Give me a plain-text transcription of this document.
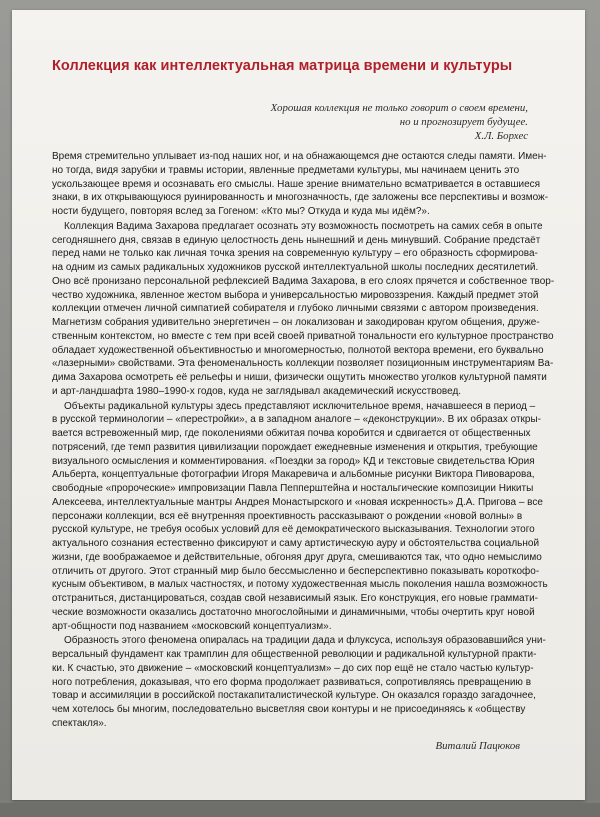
Коллекция как интеллектуальная матрица времени и культуры
Хорошая коллекция не только говорит о своем времени,
но и прогнозирует будущее.
Х.Л. Борхес
Время стремительно уплывает из-под наших ног, и на обнажающемся дне остаются следы памяти. Имен-
но тогда, видя зарубки и травмы истории, явленные предметами культуры, мы начинаем ценить это
ускользающее время и осознавать его смыслы. Наше зрение внимательно всматривается в оставшиеся
знаки, в их открывающуюся руинированность и многозначность, где заложены все перспективы и возмож-
ности будущего, повторяя вслед за Гогеном: «Кто мы? Откуда и куда мы идём?».
Коллекция Вадима Захарова предлагает осознать эту возможность посмотреть на самих себя в опыте
сегодняшнего дня, связав в единую целостность день нынешний и день минувший. Собрание предстаёт
перед нами не только как личная точка зрения на современную культуру – его образность сформирова-
на одним из самых радикальных художников русской интеллектуальной школы последних десятилетий.
Оно всё пронизано персональной рефлексией Вадима Захарова, в его слоях прячется и собственное твор-
чество художника, явленное жестом выбора и универсальностью мировоззрения. Каждый предмет этой
коллекции отмечен личной симпатией собирателя и глубоко личными связями с автором произведения.
Магнетизм собрания удивительно энергетичен – он локализован и закодирован кругом общения, друже-
ственным контекстом, но вместе с тем при всей своей приватной тональности его культурное пространство
обладает художественной объективностью и многомерностью, полнотой вектора времени, его буквально
«лазерными» свойствами. Эта феноменальность коллекции позволяет позиционным инструментариям Ва-
дима Захарова осмотреть её рельефы и ниши, физически ощутить множество уголков культурной памяти
и арт-ландшафта 1980–1990-х годов, куда не заглядывал академический искусствовед.
Объекты радикальной культуры здесь представляют исключительное время, начавшееся в период –
в русской терминологии – «перестройки», а в западном аналоге – «деконструкции». В их образах откры-
вается встревоженный мир, где поколениями обжитая почва коробится и сдвигается от общественных
потрясений, где темп развития цивилизации порождает ежедневные изменения и открытия, требующие
визуального осмысления и комментирования. «Поездки за город» КД и текстовые свидетельства Юрия
Альберта, концептуальные фотографии Игоря Макаревича и альбомные рисунки Виктора Пивоварова,
свободные «пророческие» импровизации Павла Пепперштейна и ностальгические композиции Никиты
Алексеева, интеллектуальные мантры Андрея Монастырского и «новая искренность» Д.А. Пригова – все
персонажи коллекции, вся её внутренняя проективность рассказывают о рождении «новой волны» в
русской культуре, не требуя особых условий для её демократического высказывания. Технологии этого
актуального сознания естественно фиксируют и саму артистическую ауру и обстоятельства социальной
жизни, где воображаемое и действительные, обгоняя друг друга, смешиваются так, что одно немыслимо
отличить от другого. Этот странный мир было бессмысленно и бесперспективно показывать короткофо-
кусным объективом, в малых частностях, и потому художественная мысль поколения нашла возможность
отстраниться, дистанцироваться, создав свой независимый язык. Его конструкция, его новые граммати-
ческие возможности оказались достаточно многослойными и динамичными, чтобы очертить круг новой
арт-общности под названием «московский концептуализм».
Образность этого феномена опиралась на традиции дада и флуксуса, используя образовавшийся уни-
версальный фундамент как трамплин для общественной революции и радикальной культурной практи-
ки. К счастью, это движение – «московский концептуализм» – до сих пор ещё не стало частью культур-
ного потребления, доказывая, что его форма продолжает развиваться, сопротивляясь превращению в
товар и ассимиляции в российской постакапиталистической культуре. Он оказался гораздо загадочнее,
чем хотелось бы многим, последовательно высветляя свои контуры и не присоединяясь к «обществу
спектакля».
Виталий Пацюков
